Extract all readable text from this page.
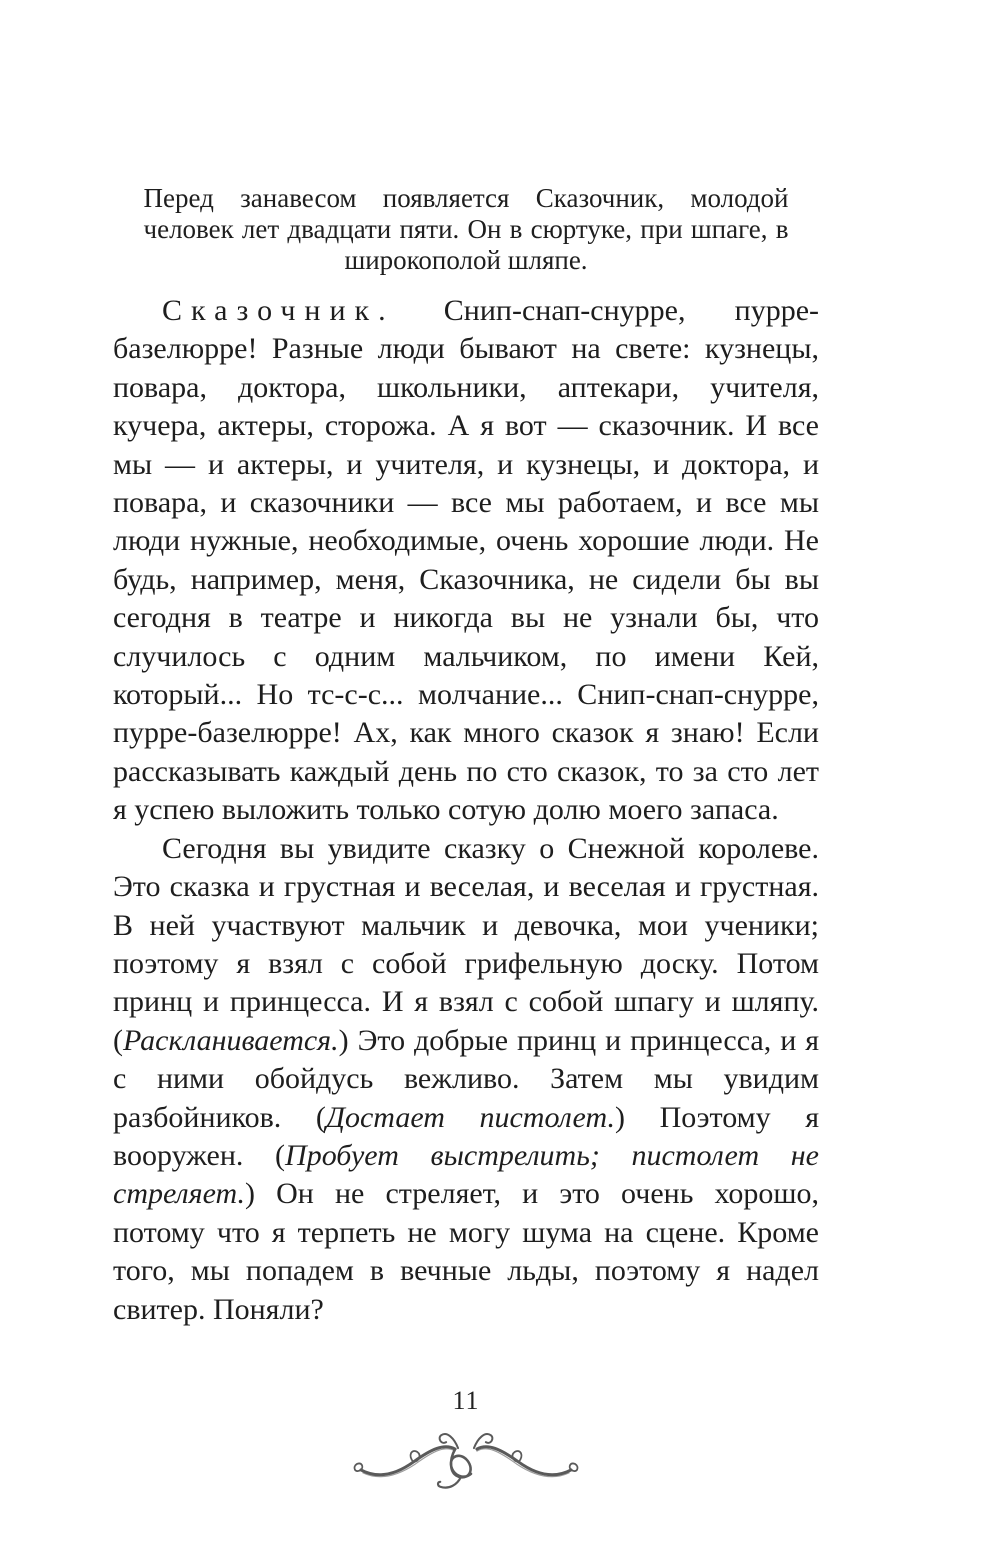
Перед занавесом появляется Сказочник, молодой человек лет двадцати пяти. Он в сюртуке, при шпаге, в широкополой шляпе.

Сказочник. Снип-снап-снурре, пурре-базелюрре! Разные люди бывают на свете: кузнецы, повара, доктора, школьники, аптекари, учителя, кучера, актеры, сторожа. А я вот — сказочник. И все мы — и актеры, и учителя, и кузнецы, и доктора, и повара, и сказочники — все мы работаем, и все мы люди нужные, необходимые, очень хорошие люди. Не будь, например, меня, Сказочника, не сидели бы вы сегодня в театре и никогда вы не узнали бы, что случилось с одним мальчиком, по имени Кей, который... Но тс-с-с... молчание... Снип-снап-снурре, пурре-базелюрре! Ах, как много сказок я знаю! Если рассказывать каждый день по сто сказок, то за сто лет я успею выложить только сотую долю моего запаса.

Сегодня вы увидите сказку о Снежной королеве. Это сказка и грустная и веселая, и веселая и грустная. В ней участвуют мальчик и девочка, мои ученики; поэтому я взял с собой грифельную доску. Потом принц и принцесса. И я взял с собой шпагу и шляпу. (Раскланивается.) Это добрые принц и принцесса, и я с ними обойдусь вежливо. Затем мы увидим разбойников. (Достает пистолет.) Поэтому я вооружен. (Пробует выстрелить; пистолет не стреляет.) Он не стреляет, и это очень хорошо, потому что я терпеть не могу шума на сцене. Кроме того, мы попадем в вечные льды, поэтому я надел свитер. Поняли?

11
